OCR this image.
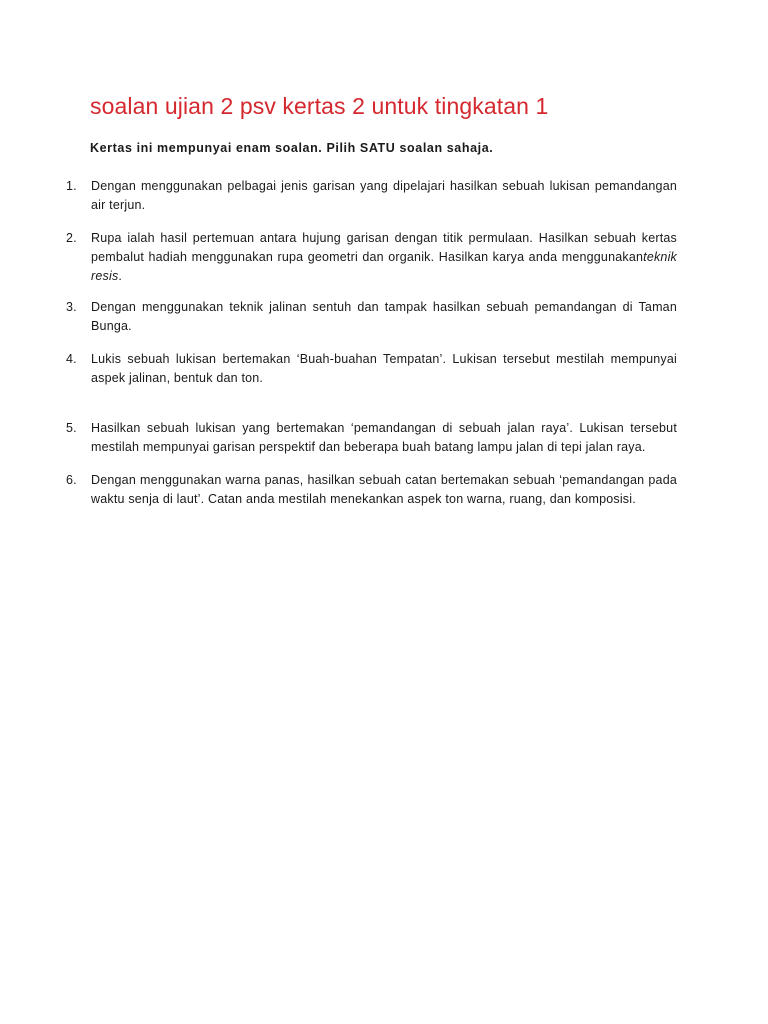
soalan ujian 2 psv kertas 2 untuk tingkatan 1
Kertas ini mempunyai enam soalan. Pilih SATU soalan sahaja.
1. Dengan menggunakan pelbagai jenis garisan yang dipelajari hasilkan sebuah lukisan pemandangan air terjun.
2. Rupa ialah hasil pertemuan antara hujung garisan dengan titik permulaan. Hasilkan sebuah kertas pembalut hadiah menggunakan rupa geometri dan organik. Hasilkan karya anda menggunakanteknik resis.
3. Dengan menggunakan teknik jalinan sentuh dan tampak hasilkan sebuah pemandangan di Taman Bunga.
4. Lukis sebuah lukisan bertemakan ‘Buah-buahan Tempatan’. Lukisan tersebut mestilah mempunyai aspek jalinan, bentuk dan ton.
5. Hasilkan sebuah lukisan yang bertemakan ‘pemandangan di sebuah jalan raya’. Lukisan tersebut mestilah mempunyai garisan perspektif dan beberapa buah batang lampu jalan di tepi jalan raya.
6. Dengan menggunakan warna panas, hasilkan sebuah catan bertemakan sebuah ‘pemandangan pada waktu senja di laut’. Catan anda mestilah menekankan aspek ton warna, ruang, dan komposisi.
